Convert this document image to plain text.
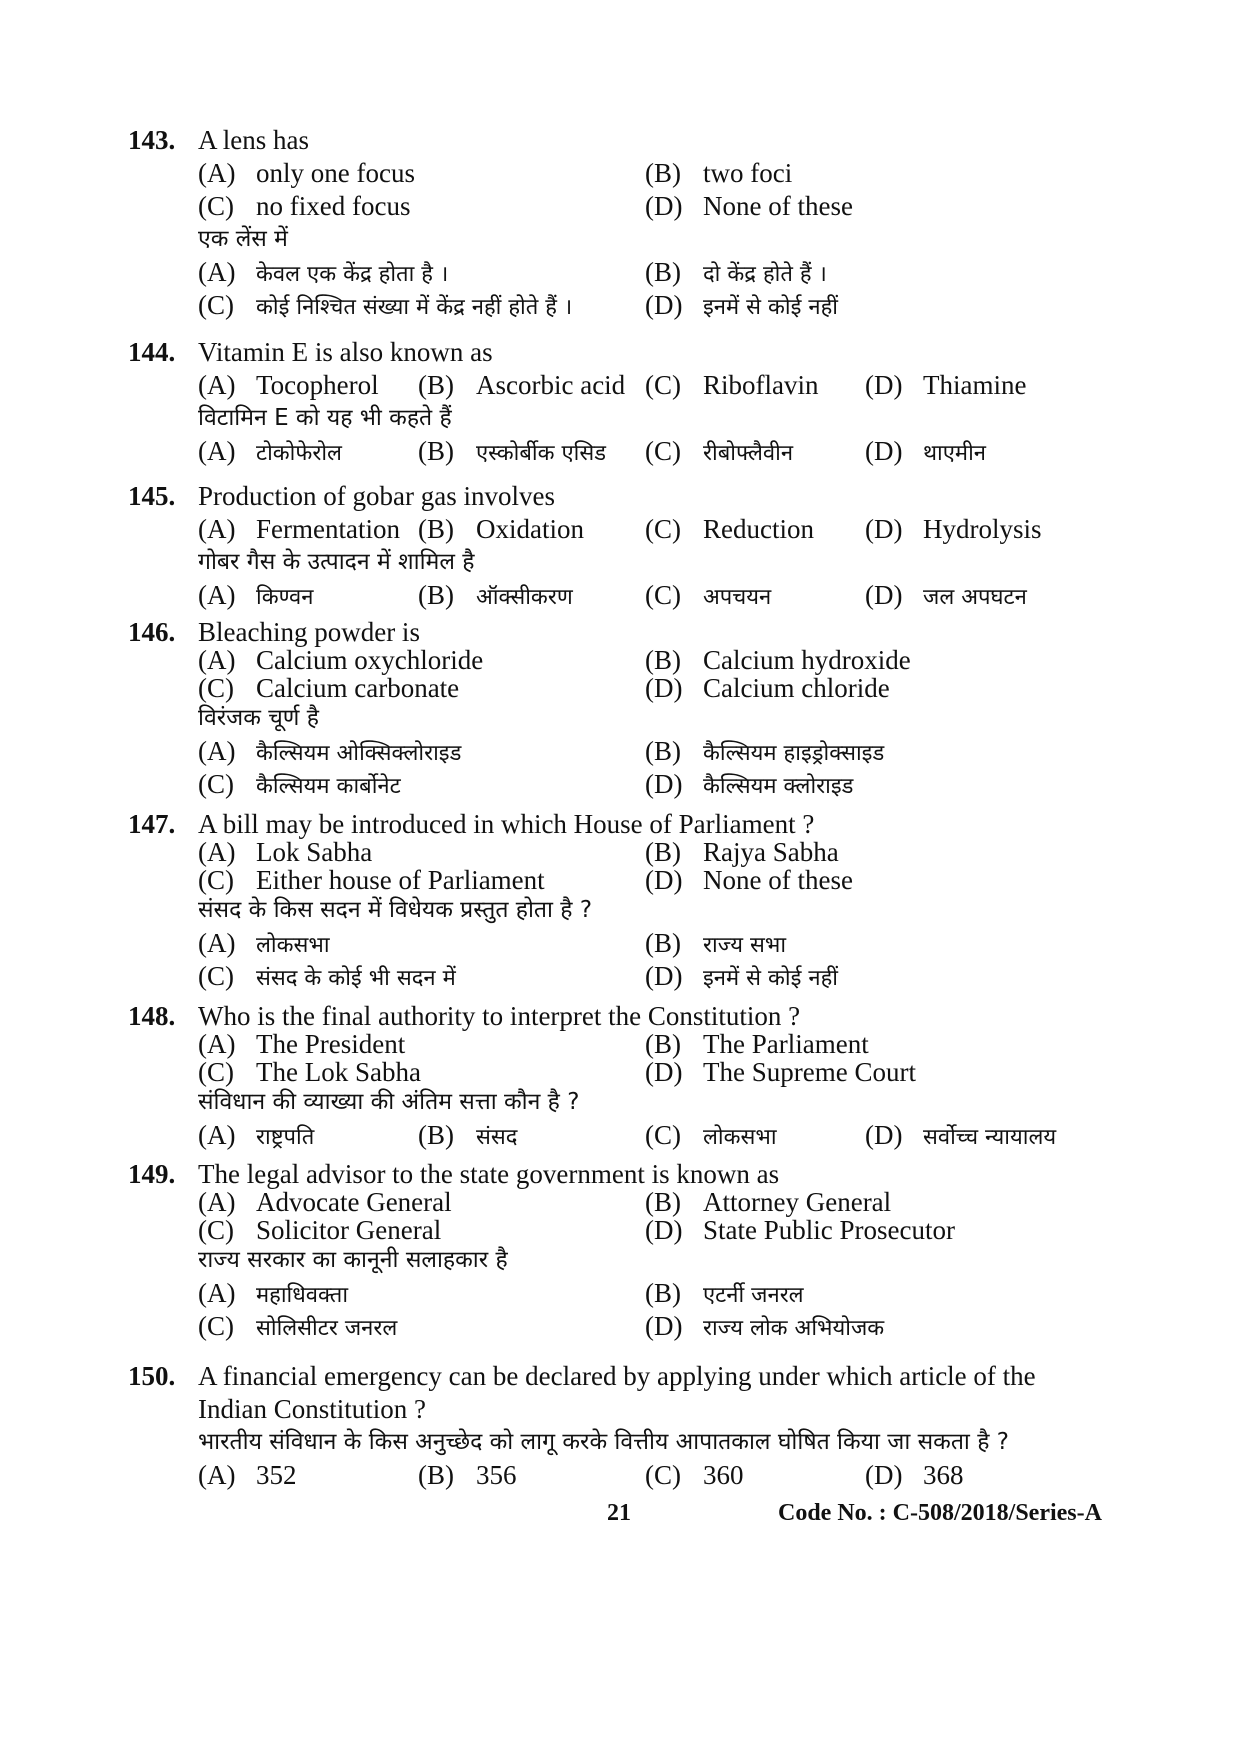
143. A lens has
(A) only one focus	(B) two foci
(C) no fixed focus	(D) None of these
एक लेंस में
(A) केवल एक केंद्र होता है ।	(B) दो केंद्र होते हैं ।
(C) कोई निश्चित संख्या में केंद्र नहीं होते हैं ।	(D) इनमें से कोई नहीं
144. Vitamin E is also known as
(A) Tocopherol (B) Ascorbic acid (C) Riboflavin (D) Thiamine
विटामिन E को यह भी कहते हैं
(A) टोकोफेरोल	(B) एस्कोर्बीक एसिड (C) रीबोफ्लैवीन	(D) थाएमीन
145. Production of gobar gas involves
(A) Fermentation (B) Oxidation (C) Reduction (D) Hydrolysis
गोबर गैस के उत्पादन में शामिल है
(A) किण्वन	(B) ऑक्सीकरण	(C) अपचयन	(D) जल अपघटन
146. Bleaching powder is
(A) Calcium oxychloride	(B) Calcium hydroxide
(C) Calcium carbonate	(D) Calcium chloride
विरंजक चूर्ण है
(A) कैल्सियम ओक्सिक्लोराइड	(B) कैल्सियम हाइड्रोक्साइड
(C) कैल्सियम कार्बोनेट	(D) कैल्सियम क्लोराइड
147. A bill may be introduced in which House of Parliament ?
(A) Lok Sabha	(B) Rajya Sabha
(C) Either house of Parliament	(D) None of these
संसद के किस सदन में विधेयक प्रस्तुत होता है ?
(A) लोकसभा	(B) राज्य सभा
(C) संसद के कोई भी सदन में	(D) इनमें से कोई नहीं
148. Who is the final authority to interpret the Constitution ?
(A) The President	(B) The Parliament
(C) The Lok Sabha	(D) The Supreme Court
संविधान की व्याख्या की अंतिम सत्ता कौन है ?
(A) राष्ट्रपति	(B) संसद	(C) लोकसभा	(D) सर्वोच्च न्यायालय
149. The legal advisor to the state government is known as
(A) Advocate General	(B) Attorney General
(C) Solicitor General	(D) State Public Prosecutor
राज्य सरकार का कानूनी सलाहकार है
(A) महाधिवक्ता	(B) एटर्नी जनरल
(C) सोलिसीटर जनरल	(D) राज्य लोक अभियोजक
150. A financial emergency can be declared by applying under which article of the
Indian Constitution ?
भारतीय संविधान के किस अनुच्छेद को लागू करके वित्तीय आपातकाल घोषित किया जा सकता है ?
(A) 352	(B) 356	(C) 360	(D) 368
21	Code No. : C-508/2018/Series-A
